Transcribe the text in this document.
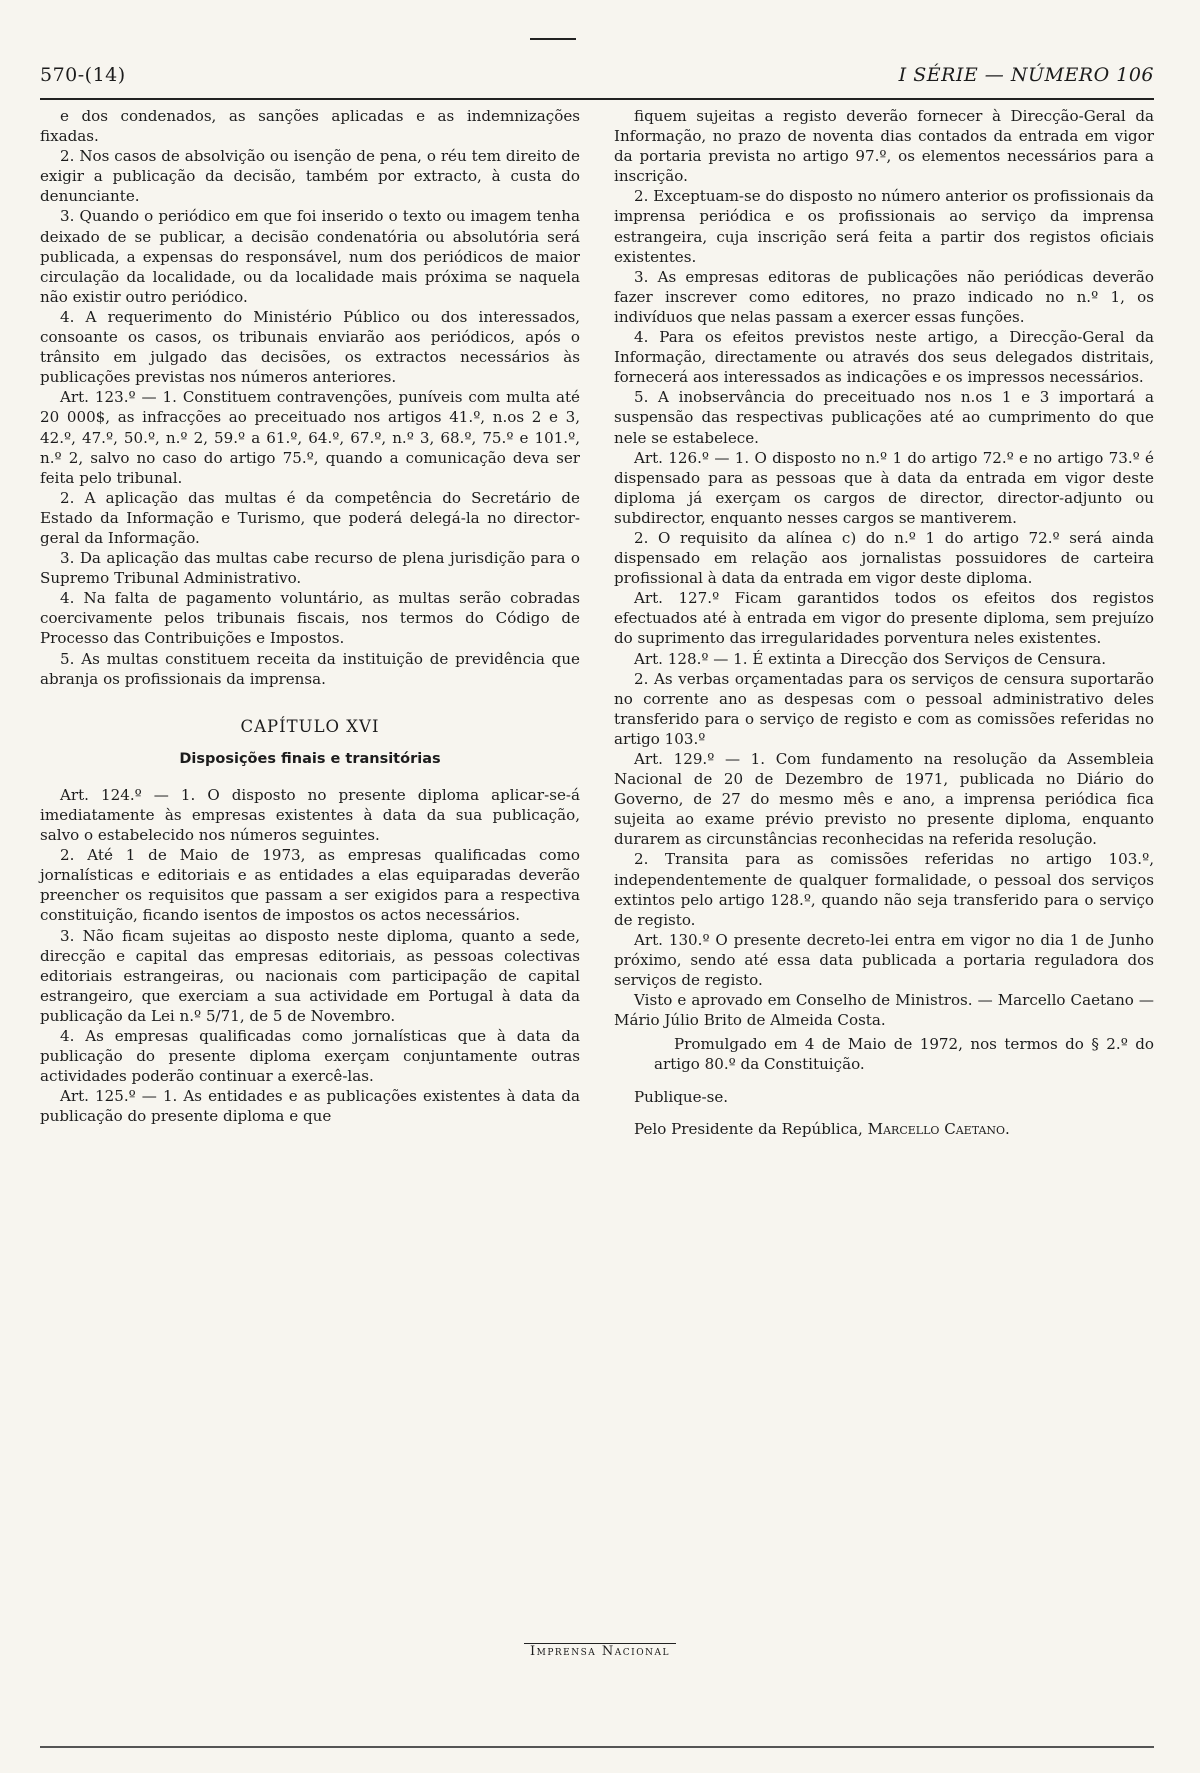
570-(14)	I SÉRIE — NÚMERO 106

e dos condenados, as sanções aplicadas e as indemnizações fixadas.

2. Nos casos de absolvição ou isenção de pena, o réu tem direito de exigir a publicação da decisão, também por extracto, à custa do denunciante.

3. Quando o periódico em que foi inserido o texto ou imagem tenha deixado de se publicar, a decisão condenatória ou absolutória será publicada, a expensas do responsável, num dos periódicos de maior circulação da localidade, ou da localidade mais próxima se naquela não existir outro periódico.

4. A requerimento do Ministério Público ou dos interessados, consoante os casos, os tribunais enviarão aos periódicos, após o trânsito em julgado das decisões, os extractos necessários às publicações previstas nos números anteriores.

Art. 123.º — 1. Constituem contravenções, puníveis com multa até 20 000$, as infracções ao preceituado nos artigos 41.º, n.os 2 e 3, 42.º, 47.º, 50.º, n.º 2, 59.º a 61.º, 64.º, 67.º, n.º 3, 68.º, 75.º e 101.º, n.º 2, salvo no caso do artigo 75.º, quando a comunicação deva ser feita pelo tribunal.

2. A aplicação das multas é da competência do Secretário de Estado da Informação e Turismo, que poderá delegá-la no director-geral da Informação.

3. Da aplicação das multas cabe recurso de plena jurisdição para o Supremo Tribunal Administrativo.

4. Na falta de pagamento voluntário, as multas serão cobradas coercivamente pelos tribunais fiscais, nos termos do Código de Processo das Contribuições e Impostos.

5. As multas constituem receita da instituição de previdência que abranja os profissionais da imprensa.

CAPÍTULO XVI

Disposições finais e transitórias

Art. 124.º — 1. O disposto no presente diploma aplicar-se-á imediatamente às empresas existentes à data da sua publicação, salvo o estabelecido nos números seguintes.

2. Até 1 de Maio de 1973, as empresas qualificadas como jornalísticas e editoriais e as entidades a elas equiparadas deverão preencher os requisitos que passam a ser exigidos para a respectiva constituição, ficando isentos de impostos os actos necessários.

3. Não ficam sujeitas ao disposto neste diploma, quanto a sede, direcção e capital das empresas editoriais, as pessoas colectivas editoriais estrangeiras, ou nacionais com participação de capital estrangeiro, que exerciam a sua actividade em Portugal à data da publicação da Lei n.º 5/71, de 5 de Novembro.

4. As empresas qualificadas como jornalísticas que à data da publicação do presente diploma exerçam conjuntamente outras actividades poderão continuar a exercê-las.

Art. 125.º — 1. As entidades e as publicações existentes à data da publicação do presente diploma e que

fiquem sujeitas a registo deverão fornecer à Direcção-Geral da Informação, no prazo de noventa dias contados da entrada em vigor da portaria prevista no artigo 97.º, os elementos necessários para a inscrição.

2. Exceptuam-se do disposto no número anterior os profissionais da imprensa periódica e os profissionais ao serviço da imprensa estrangeira, cuja inscrição será feita a partir dos registos oficiais existentes.

3. As empresas editoras de publicações não periódicas deverão fazer inscrever como editores, no prazo indicado no n.º 1, os indivíduos que nelas passam a exercer essas funções.

4. Para os efeitos previstos neste artigo, a Direcção-Geral da Informação, directamente ou através dos seus delegados distritais, fornecerá aos interessados as indicações e os impressos necessários.

5. A inobservância do preceituado nos n.os 1 e 3 importará a suspensão das respectivas publicações até ao cumprimento do que nele se estabelece.

Art. 126.º — 1. O disposto no n.º 1 do artigo 72.º e no artigo 73.º é dispensado para as pessoas que à data da entrada em vigor deste diploma já exerçam os cargos de director, director-adjunto ou subdirector, enquanto nesses cargos se mantiverem.

2. O requisito da alínea c) do n.º 1 do artigo 72.º será ainda dispensado em relação aos jornalistas possuidores de carteira profissional à data da entrada em vigor deste diploma.

Art. 127.º Ficam garantidos todos os efeitos dos registos efectuados até à entrada em vigor do presente diploma, sem prejuízo do suprimento das irregularidades porventura neles existentes.

Art. 128.º — 1. É extinta a Direcção dos Serviços de Censura.

2. As verbas orçamentadas para os serviços de censura suportarão no corrente ano as despesas com o pessoal administrativo deles transferido para o serviço de registo e com as comissões referidas no artigo 103.º

Art. 129.º — 1. Com fundamento na resolução da Assembleia Nacional de 20 de Dezembro de 1971, publicada no Diário do Governo, de 27 do mesmo mês e ano, a imprensa periódica fica sujeita ao exame prévio previsto no presente diploma, enquanto durarem as circunstâncias reconhecidas na referida resolução.

2. Transita para as comissões referidas no artigo 103.º, independentemente de qualquer formalidade, o pessoal dos serviços extintos pelo artigo 128.º, quando não seja transferido para o serviço de registo.

Art. 130.º O presente decreto-lei entra em vigor no dia 1 de Junho próximo, sendo até essa data publicada a portaria reguladora dos serviços de registo.

Visto e aprovado em Conselho de Ministros. — Marcello Caetano — Mário Júlio Brito de Almeida Costa.

Promulgado em 4 de Maio de 1972, nos termos do § 2.º do artigo 80.º da Constituição.

Publique-se.

Pelo Presidente da República, Marcello Caetano.

Imprensa Nacional
